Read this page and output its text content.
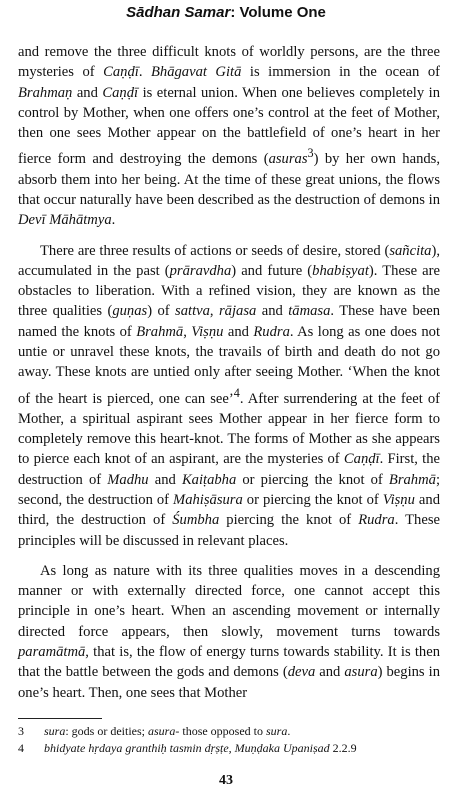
Sādhan Samar: Volume One

and remove the three difficult knots of worldly persons, are the three mysteries of Caṇḍī. Bhāgavat Gitā is immersion in the ocean of Brahmaṇ and Caṇḍī is eternal union. When one believes completely in control by Mother, when one offers one’s control at the feet of Mother, then one sees Mother appear on the battlefield of one’s heart in her fierce form and destroying the demons (asuras$^3$) by her own hands, absorb them into her being. At the time of these great unions, the flows that occur naturally have been described as the destruction of demons in Devī Māhātmya.

There are three results of actions or seeds of desire, stored (sañcita), accumulated in the past (prāravdha) and future (bhabiṣyat). These are obstacles to liberation. With a refined vision, they are known as the three qualities (guṇas) of sattva, rājasa and tāmasa. These have been named the knots of Brahmā, Viṣṇu and Rudra. As long as one does not untie or unravel these knots, the travails of birth and death do not go away. These knots are untied only after seeing Mother. ‘When the knot of the heart is pierced, one can see’$^4$. After surrendering at the feet of Mother, a spiritual aspirant sees Mother appear in her fierce form to completely remove this heart-knot. The forms of Mother as she appears to pierce each knot of an aspirant, are the mysteries of Caṇḍī. First, the destruction of Madhu and Kaiṭabha or piercing the knot of Brahmā; second, the destruction of Mahiṣāsura or piercing the knot of Viṣṇu and third, the destruction of Śumbha piercing the knot of Rudra. These principles will be discussed in relevant places.

As long as nature with its three qualities moves in a descending manner or with externally directed force, one cannot accept this principle in one’s heart. When an ascending movement or internally directed force appears, then slowly, movement turns towards paramātmā, that is, the flow of energy turns towards stability. It is then that the battle between the gods and demons (deva and asura) begins in one’s heart. Then, one sees that Mother

3	sura: gods or deities; asura- those opposed to sura.
4	bhidyate hṛdaya granthiḥ tasmin dṛṣṭe, Muṇḍaka Upaniṣad 2.2.9
43
